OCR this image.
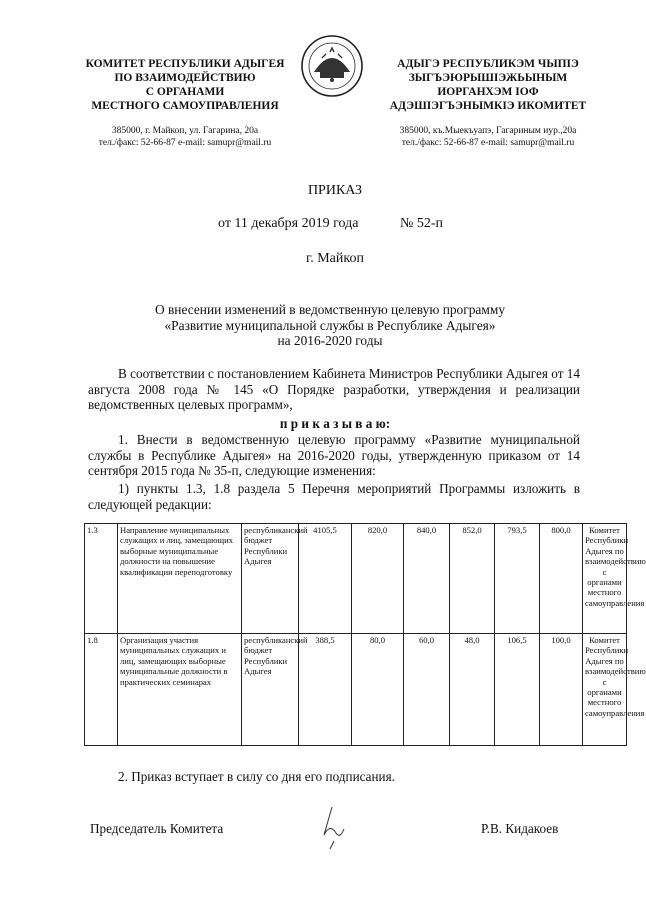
КОМИТЕТ РЕСПУБЛИКИ АДЫГЕЯ
ПО ВЗАИМОДЕЙСТВИЮ
С ОРГАНАМИ
МЕСТНОГО САМОУПРАВЛЕНИЯ
385000, г. Майкоп, ул. Гагарина, 20а
тел./факс: 52-66-87 e-mail: samupr@mail.ru
АДЫГЭ РЕСПУБЛИКЭМ ЧЫПІЭ
ЗЫГЪЭЮРЫШІЭЖЬЫНЫМ
ИОРГАНХЭМ ІОФ
АДЭШІЭГЪЭНЫМКІЭ ИКОМИТЕТ
385000, къ.Мыекъуапэ, Гагариным иур.,20а
тел./факс: 52-66-87 e-mail: samupr@mail.ru
ПРИКАЗ
от 11 декабря 2019 года	№ 52-п
г. Майкоп
О внесении изменений в ведомственную целевую программу
«Развитие муниципальной службы в Республике Адыгея»
на 2016-2020 годы
В соответствии с постановлением Кабинета Министров Республики Адыгея от 14 августа 2008 года № 145 «О Порядке разработки, утверждения и реализации ведомственных целевых программ»,
п р и к а з ы в а ю:
1. Внести в ведомственную целевую программу «Развитие муниципальной службы в Республике Адыгея» на 2016-2020 годы, утвержденную приказом от 14 сентября 2015 года № 35-п, следующие изменения:
1) пункты 1.3, 1.8 раздела 5 Перечня мероприятий Программы изложить в следующей редакции:
1.3	Направление муниципальных служащих и лиц, замещающих выборные муниципальные должности на повышение квалификации переподготовку	республиканский бюджет Республики Адыгея	4105,5	820,0	840,0	852,0	793,5	800,0	Комитет Республики Адыгея по взаимодействию с органами местного самоуправления
1.8	Организация участия муниципальных служащих и лиц, замещающих выборные муниципальные должности в практических семинарах	республиканский бюджет Республики Адыгея	388,5	80,0	60,0	48,0	106,5	100,0	Комитет Республики Адыгея по взаимодействию с органами местного самоуправления
2. Приказ вступает в силу со дня его подписания.
Председатель Комитета	Р.В. Кидакоев
